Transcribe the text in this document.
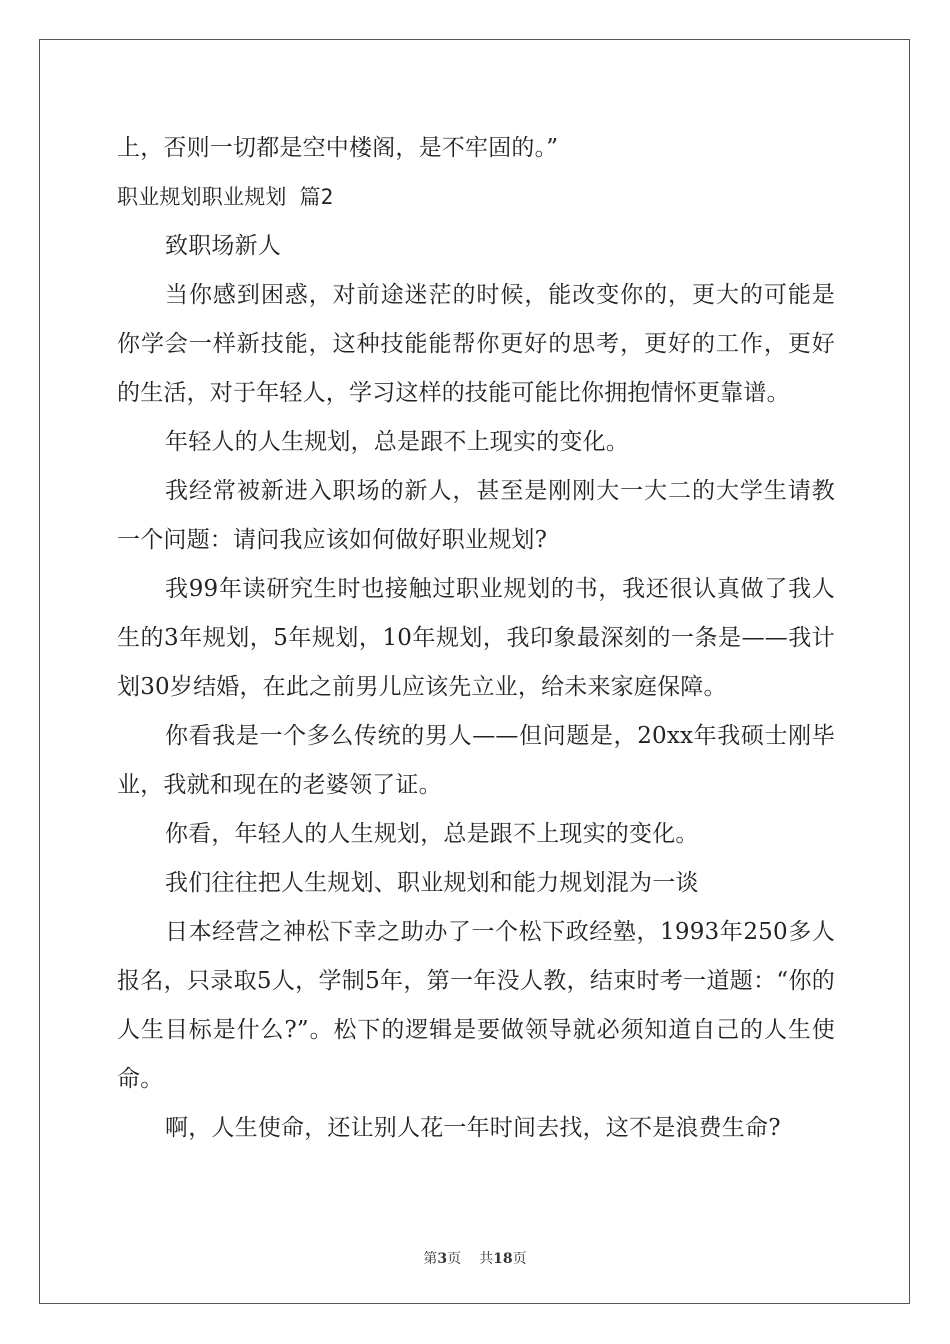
上，否则一切都是空中楼阁，是不牢固的。”

职业规划职业规划 篇2

致职场新人

当你感到困惑，对前途迷茫的时候，能改变你的，更大的可能是你学会一样新技能，这种技能能帮你更好的思考，更好的工作，更好的生活，对于年轻人，学习这样的技能可能比你拥抱情怀更靠谱。

年轻人的人生规划，总是跟不上现实的变化。

我经常被新进入职场的新人，甚至是刚刚大一大二的大学生请教一个问题：请问我应该如何做好职业规划?

我99年读研究生时也接触过职业规划的书，我还很认真做了我人生的3年规划，5年规划，10年规划，我印象最深刻的一条是——我计划30岁结婚，在此之前男儿应该先立业，给未来家庭保障。

你看我是一个多么传统的男人——但问题是，20xx年我硕士刚毕业，我就和现在的老婆领了证。

你看，年轻人的人生规划，总是跟不上现实的变化。

我们往往把人生规划、职业规划和能力规划混为一谈

日本经营之神松下幸之助办了一个松下政经塾，1993年250多人报名，只录取5人，学制5年，第一年没人教，结束时考一道题：“你的人生目标是什么?”。松下的逻辑是要做领导就必须知道自己的人生使命。

啊，人生使命，还让别人花一年时间去找，这不是浪费生命?

第3页 共18页
